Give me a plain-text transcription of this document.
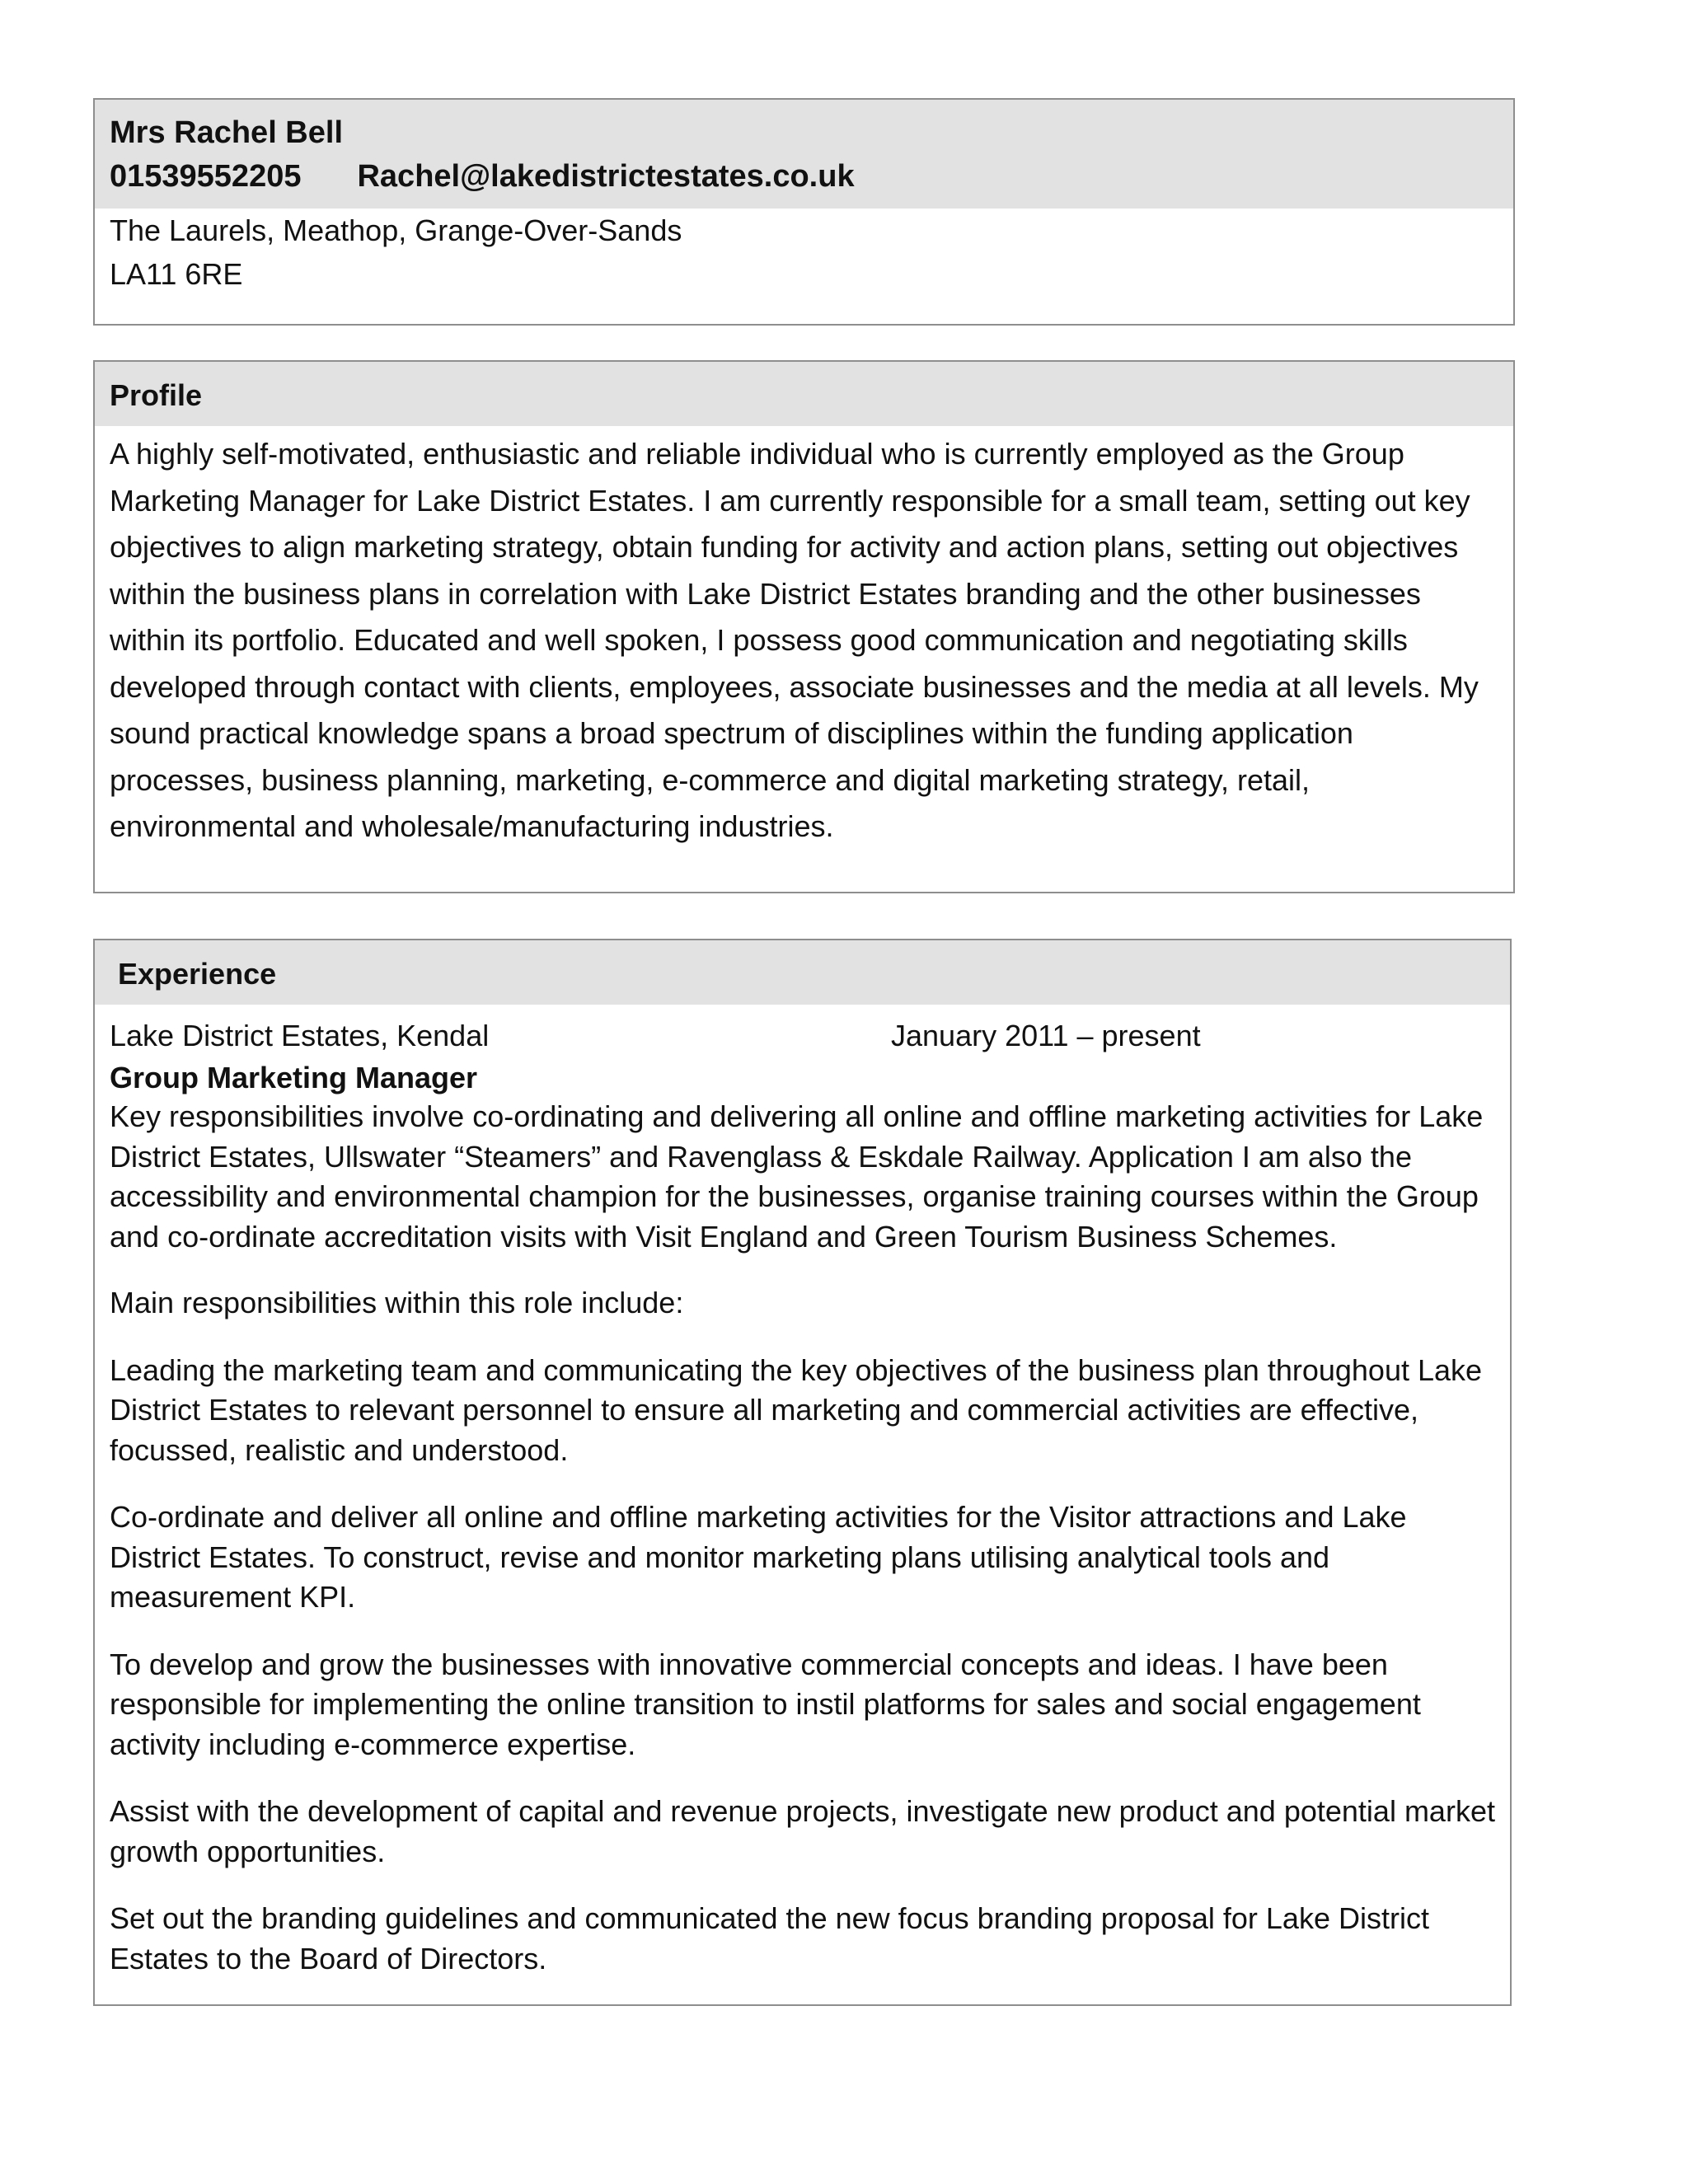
Mrs Rachel Bell
01539552205 Rachel@lakedistrictestates.co.uk
The Laurels, Meathop, Grange-Over-Sands
LA11 6RE
Profile
A highly self-motivated, enthusiastic and reliable individual who is currently employed as the Group Marketing Manager for Lake District Estates. I am currently responsible for a small team, setting out key objectives to align marketing strategy, obtain funding for activity and action plans, setting out objectives within the business plans in correlation with Lake District Estates branding and the other businesses within its portfolio. Educated and well spoken, I possess good communication and negotiating skills developed through contact with clients, employees, associate businesses and the media at all levels. My sound practical knowledge spans a broad spectrum of disciplines within the funding application processes, business planning, marketing, e-commerce and digital marketing strategy, retail, environmental and wholesale/manufacturing industries.
Experience
Lake District Estates, Kendal	January 2011 – present
Group Marketing Manager

Key responsibilities involve co-ordinating and delivering all online and offline marketing activities for Lake District Estates, Ullswater “Steamers” and Ravenglass & Eskdale Railway. Application I am also the accessibility and environmental champion for the businesses, organise training courses within the Group and co-ordinate accreditation visits with Visit England and Green Tourism Business Schemes.

Main responsibilities within this role include:

Leading the marketing team and communicating the key objectives of the business plan throughout Lake District Estates to relevant personnel to ensure all marketing and commercial activities are effective, focussed, realistic and understood.

Co-ordinate and deliver all online and offline marketing activities for the Visitor attractions and Lake District Estates. To construct, revise and monitor marketing plans utilising analytical tools and measurement KPI.

To develop and grow the businesses with innovative commercial concepts and ideas. I have been responsible for implementing the online transition to instil platforms for sales and social engagement activity including e-commerce expertise.

Assist with the development of capital and revenue projects, investigate new product and potential market growth opportunities.

Set out the branding guidelines and communicated the new focus branding proposal for Lake District Estates to the Board of Directors.
